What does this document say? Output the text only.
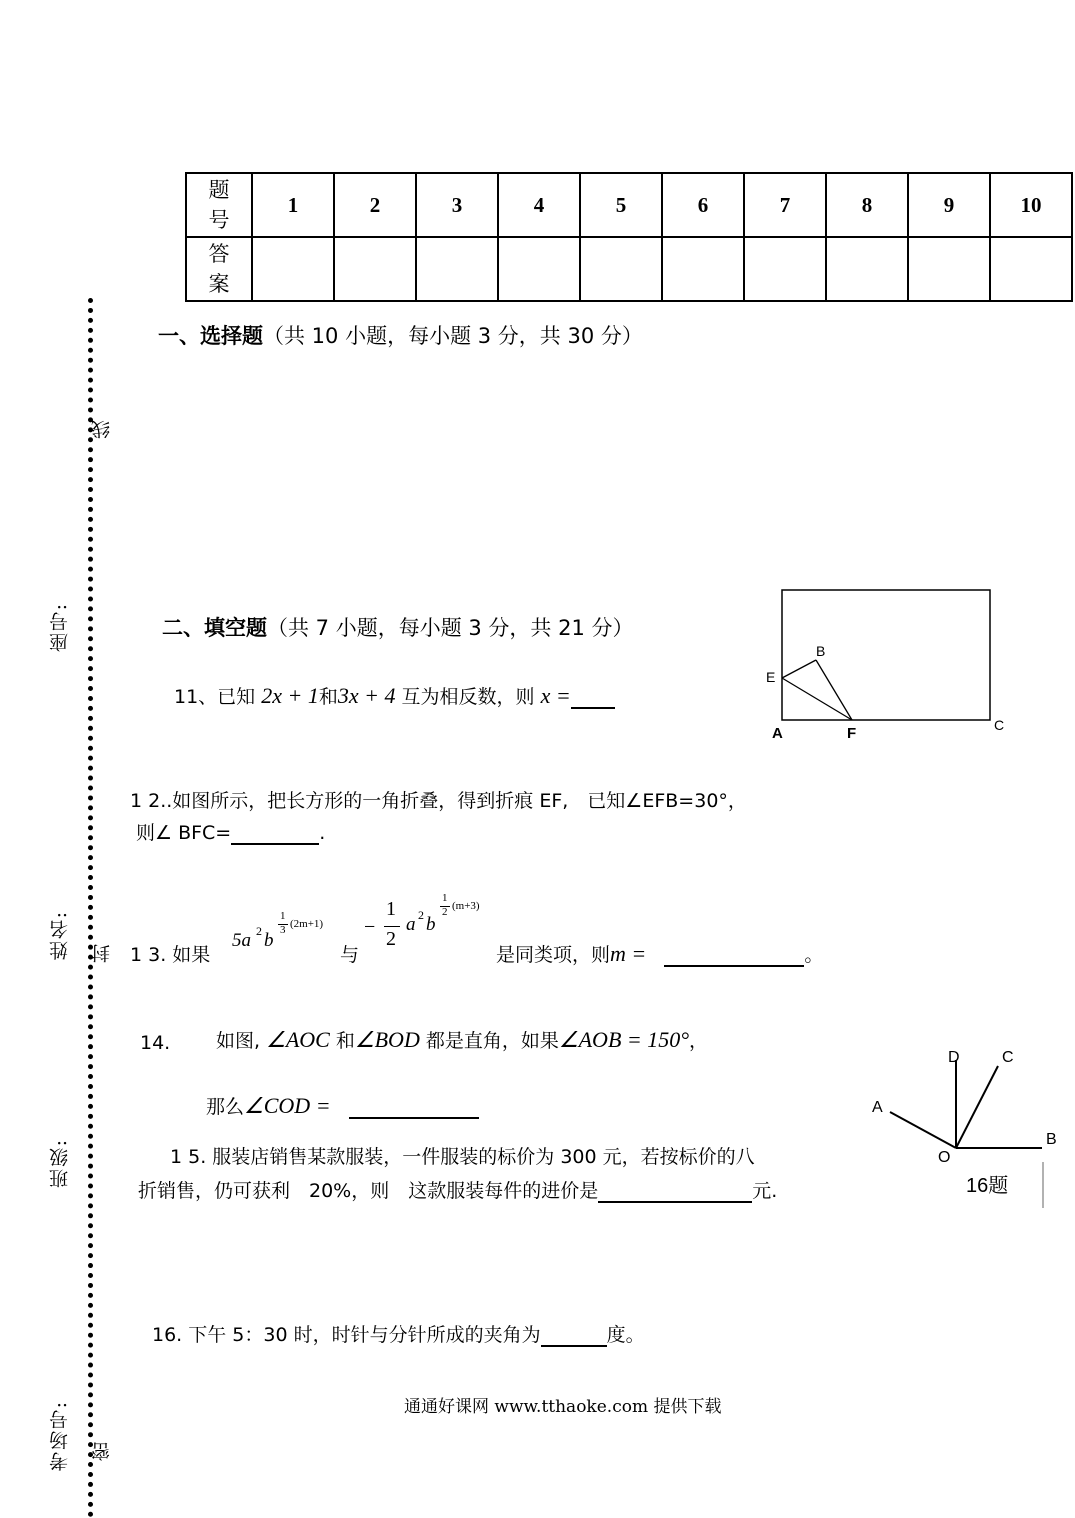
题号	1	2	3	4	5	6	7	8	9	10
答案										
座号:
姓名:
班级:
考场号:
线
封
密
一、选择题（共 10 小题，每小题 3 分，共 30 分）
二、填空题（共 7 小题，每小题 3 分，共 21 分）
11、已知 2x + 1和3x + 4 互为相反数，则 x =
1 2..如图所示，把长方形的一角折叠，得到折痕 EF,　已知∠EFB=30°，
则∠ BFC=	.
1 3. 如果
5a 2 b
1
3 (2m+1)
与
−
1
2
a 2 b
1
2 (m+3)
是同类项，则m =	。
14. 如图, ∠AOC 和∠BOD 都是直角，如果∠AOB = 150°，
那么∠COD =
1 5. 服装店销售某款服装，一件服装的标价为 300 元，若按标价的八
折销售，仍可获利　20%，则　这款服装每件的进价是	元.
16. 下午 5：30 时，时针与分针所成的夹角为	度。
E
B
A	F	C
D	C
A
O
B
16题
通通好课网 www.tthaoke.com 提供下载
